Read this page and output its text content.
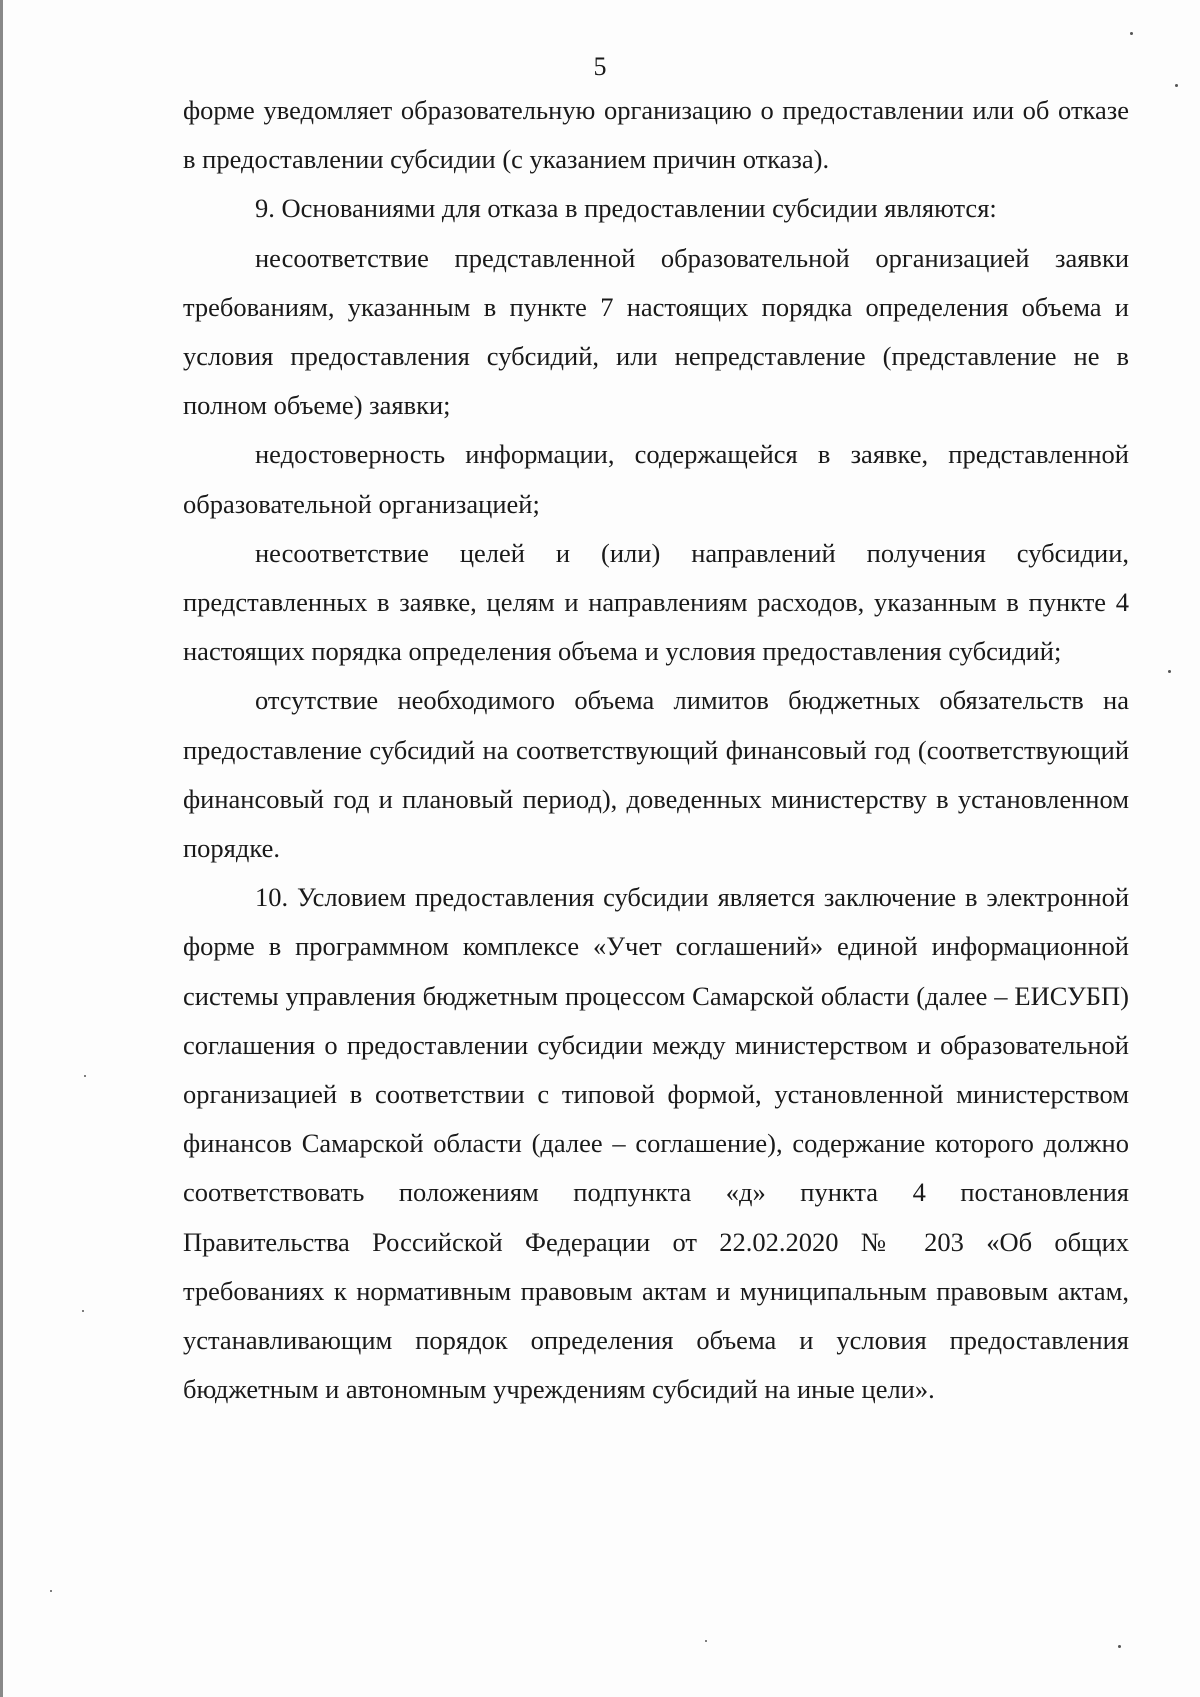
5

форме уведомляет образовательную организацию о предоставлении или об отказе в предоставлении субсидии (с указанием причин отказа).

9. Основаниями для отказа в предоставлении субсидии являются:

несоответствие представленной образовательной организацией заявки требованиям, указанным в пункте 7 настоящих порядка определения объема и условия предоставления субсидий, или непредставление (представление не в полном объеме) заявки;

недостоверность информации, содержащейся в заявке, представленной образовательной организацией;

несоответствие целей и (или) направлений получения субсидии, представленных в заявке, целям и направлениям расходов, указанным в пункте 4 настоящих порядка определения объема и условия предоставления субсидий;

отсутствие необходимого объема лимитов бюджетных обязательств на предоставление субсидий на соответствующий финансовый год (соответствующий финансовый год и плановый период), доведенных министерству в установленном порядке.

10. Условием предоставления субсидии является заключение в электронной форме в программном комплексе «Учет соглашений» единой информационной системы управления бюджетным процессом Самарской области (далее – ЕИСУБП) соглашения о предоставлении субсидии между министерством и образовательной организацией в соответствии с типовой формой, установленной министерством финансов Самарской области (далее – соглашение), содержание которого должно соответствовать положениям подпункта «д» пункта 4 постановления Правительства Российской Федерации от 22.02.2020 № 203 «Об общих требованиях к нормативным правовым актам и муниципальным правовым актам, устанавливающим порядок определения объема и условия предоставления бюджетным и автономным учреждениям субсидий на иные цели».
